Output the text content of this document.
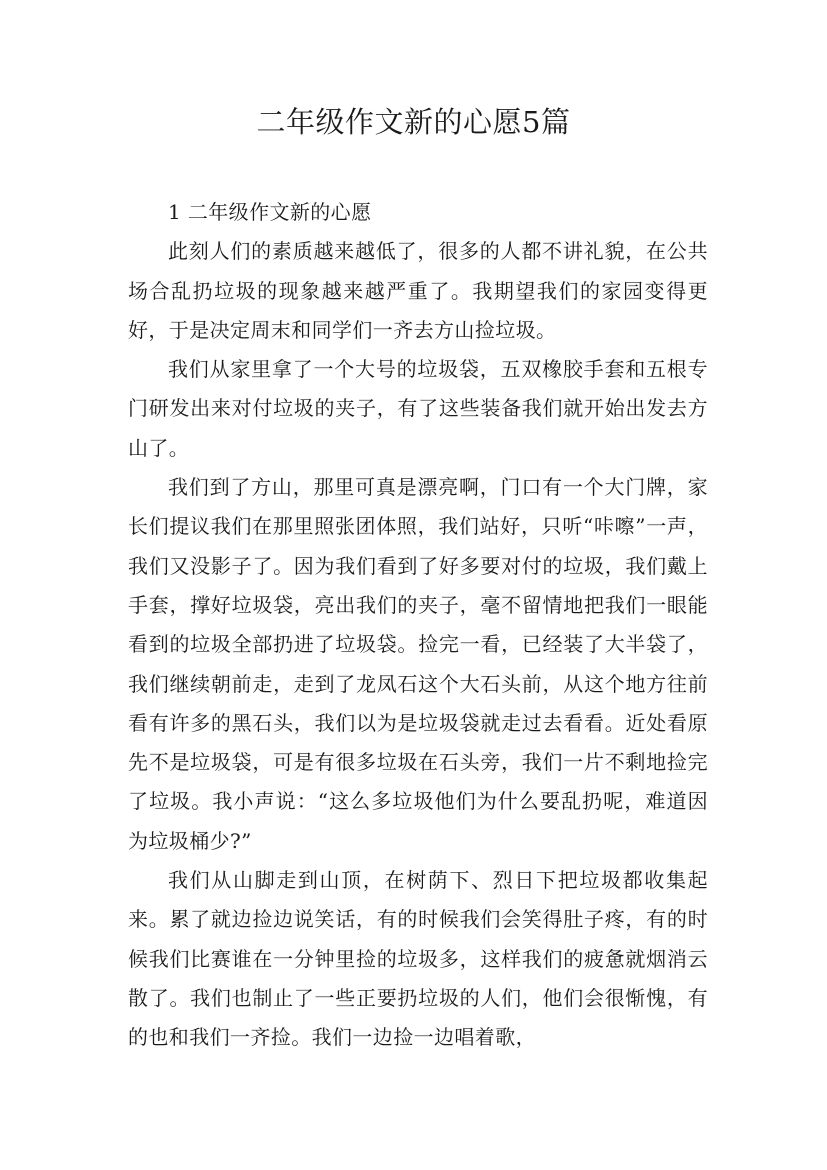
二年级作文新的心愿5篇
1 二年级作文新的心愿

此刻人们的素质越来越低了，很多的人都不讲礼貌，在公共场合乱扔垃圾的现象越来越严重了。我期望我们的家园变得更好，于是决定周末和同学们一齐去方山捡垃圾。

我们从家里拿了一个大号的垃圾袋，五双橡胶手套和五根专门研发出来对付垃圾的夹子，有了这些装备我们就开始出发去方山了。

我们到了方山，那里可真是漂亮啊，门口有一个大门牌，家长们提议我们在那里照张团体照，我们站好，只听“咔嚓”一声，我们又没影子了。因为我们看到了好多要对付的垃圾，我们戴上手套，撑好垃圾袋，亮出我们的夹子，毫不留情地把我们一眼能看到的垃圾全部扔进了垃圾袋。捡完一看，已经装了大半袋了，我们继续朝前走，走到了龙凤石这个大石头前，从这个地方往前看有许多的黑石头，我们以为是垃圾袋就走过去看看。近处看原先不是垃圾袋，可是有很多垃圾在石头旁，我们一片不剩地捡完了垃圾。我小声说：“这么多垃圾他们为什么要乱扔呢，难道因为垃圾桶少?”

我们从山脚走到山顶，在树荫下、烈日下把垃圾都收集起来。累了就边捡边说笑话，有的时候我们会笑得肚子疼，有的时候我们比赛谁在一分钟里捡的垃圾多，这样我们的疲惫就烟消云散了。我们也制止了一些正要扔垃圾的人们，他们会很惭愧，有的也和我们一齐捡。我们一边捡一边唱着歌，
